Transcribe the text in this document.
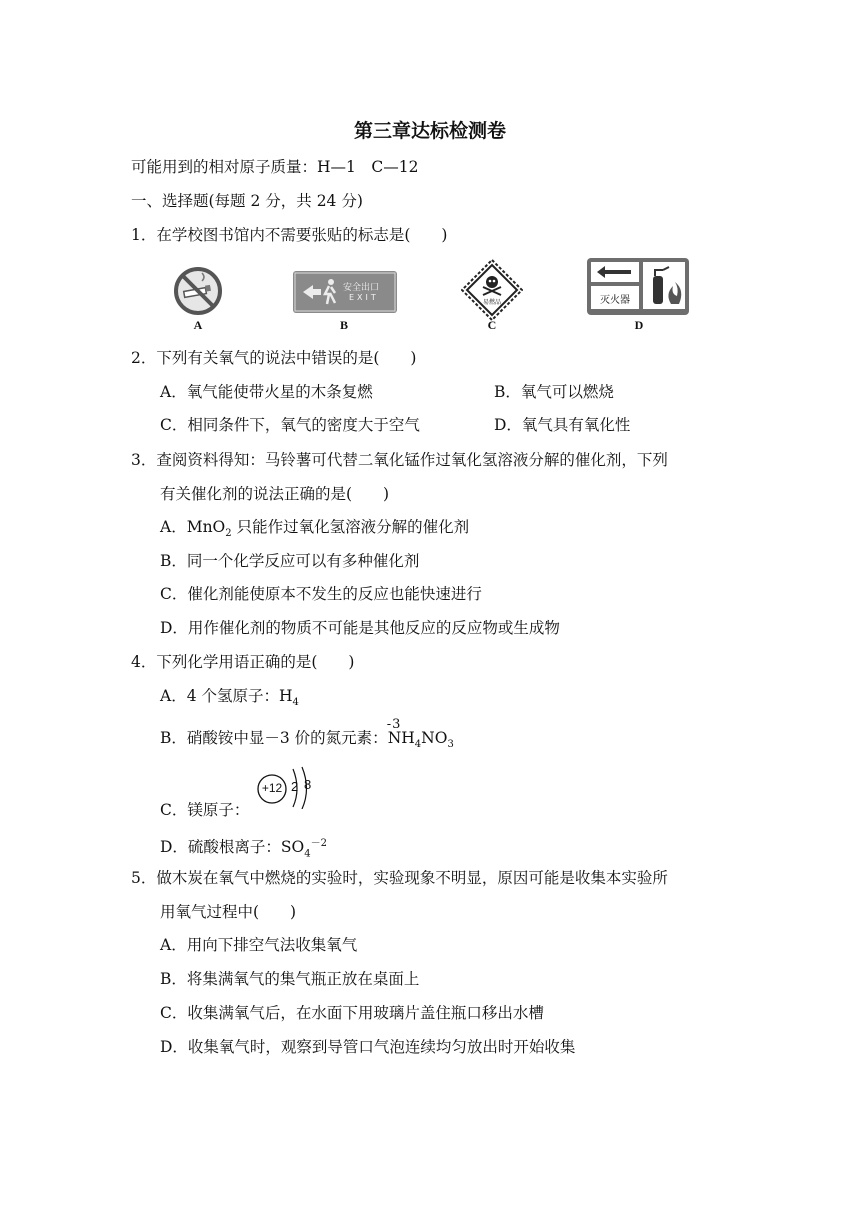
第三章达标检测卷
可能用到的相对原子质量：H—1　C—12
一、选择题(每题 2 分，共 24 分)
1．在学校图书馆内不需要张贴的标志是(　　)
A
安全出口
EXIT
B
易燃品
C
灭火器
D
2．下列有关氧气的说法中错误的是(　　)
A．氧气能使带火星的木条复燃	B．氧气可以燃烧
C．相同条件下，氧气的密度大于空气	D．氧气具有氧化性
3．查阅资料得知：马铃薯可代替二氧化锰作过氧化氢溶液分解的催化剂，下列
有关催化剂的说法正确的是(　　)
A．MnO$_2$ 只能作过氧化氢溶液分解的催化剂
B．同一个化学反应可以有多种催化剂
C．催化剂能使原本不发生的反应也能快速进行
D．用作催化剂的物质不可能是其他反应的反应物或生成物
4．下列化学用语正确的是(　　)
A．4 个氢原子：$H_4$
B．硝酸铵中显－3 价的氮元素：
-3
$NH_4NO_3$
C．镁原子：
+12 2 8
D．硫酸根离子：$SO_4^{-2}$
5．做木炭在氧气中燃烧的实验时，实验现象不明显，原因可能是收集本实验所
用氧气过程中(　　)
A．用向下排空气法收集氧气
B．将集满氧气的集气瓶正放在桌面上
C．收集满氧气后，在水面下用玻璃片盖住瓶口移出水槽
D．收集氧气时，观察到导管口气泡连续均匀放出时开始收集
